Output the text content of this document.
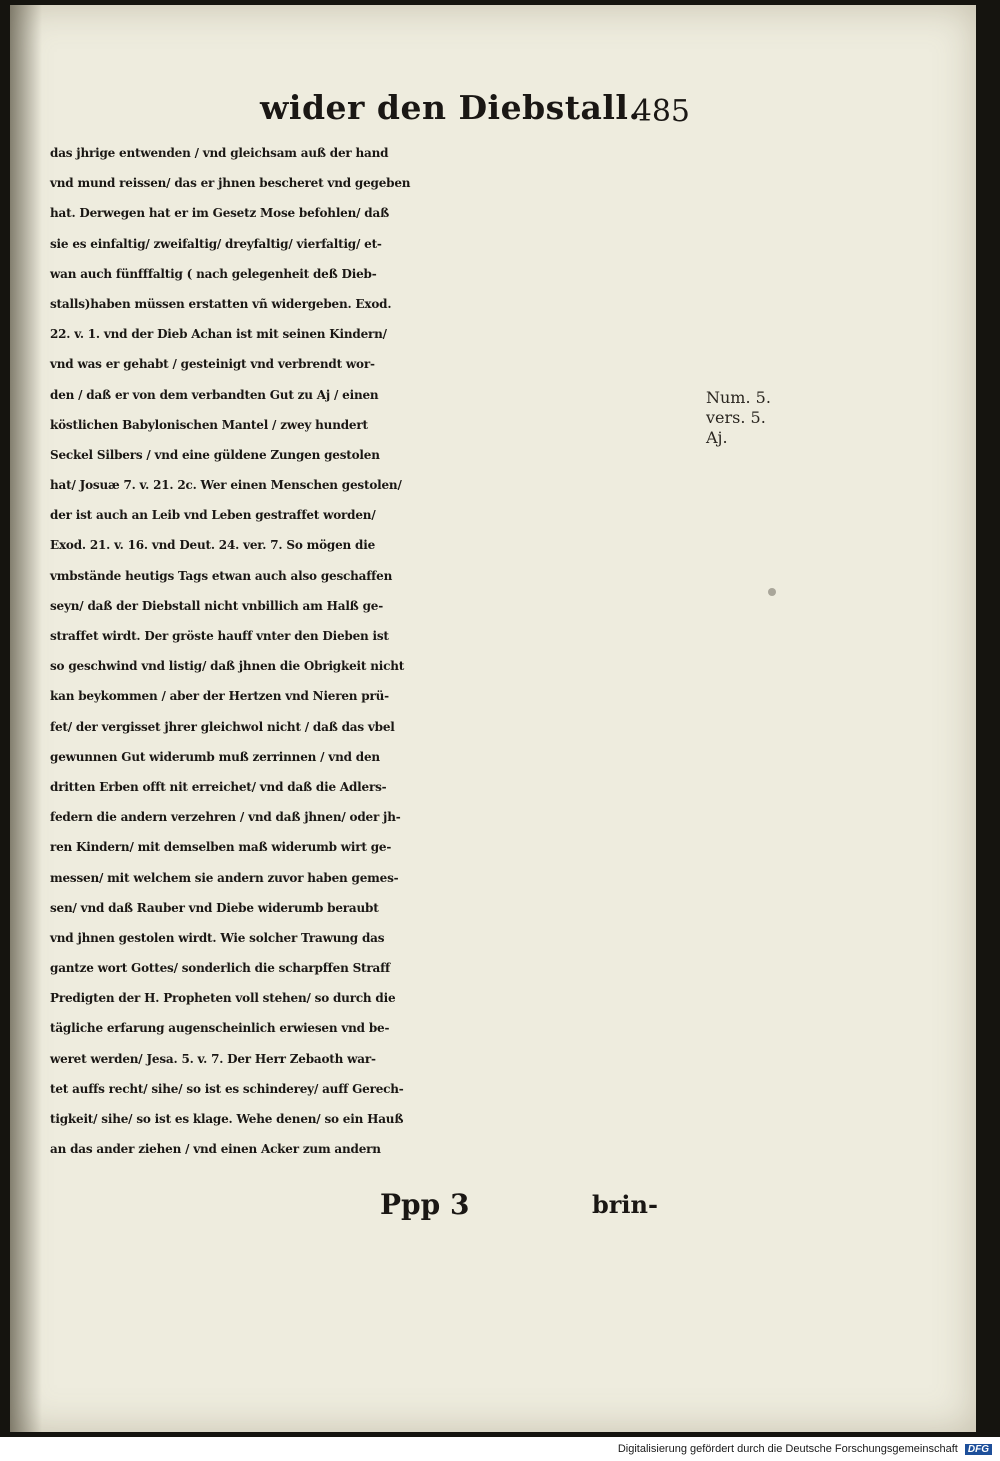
wider den Diebstall.
485
das jhrige entwenden / vnd gleichsam auß der hand
vnd mund reissen/ das er jhnen bescheret vnd gegeben
hat. Derwegen hat er im Gesetz Mose befohlen/ daß
sie es einfaltig/ zweifaltig/ dreyfaltig/ vierfaltig/ et-
wan auch fünfffaltig ( nach gelegenheit deß Dieb-
stalls)haben müssen erstatten vñ widergeben. Exod.
22. v. 1. vnd der Dieb Achan ist mit seinen Kindern/
vnd was er gehabt / gesteinigt vnd verbrendt wor-
den / daß er von dem verbandten Gut zu Aj / einen
köstlichen Babylonischen Mantel / zwey hundert
Seckel Silbers / vnd eine güldene Zungen gestolen
hat/ Josuæ 7. v. 21. 2c. Wer einen Menschen gestolen/
der ist auch an Leib vnd Leben gestraffet worden/
Exod. 21. v. 16. vnd Deut. 24. ver. 7. So mögen die
vmbstände heutigs Tags etwan auch also geschaffen
seyn/ daß der Diebstall nicht vnbillich am Halß ge-
straffet wirdt. Der gröste hauff vnter den Dieben ist
so geschwind vnd listig/ daß jhnen die Obrigkeit nicht
kan beykommen / aber der Hertzen vnd Nieren prü-
fet/ der vergisset jhrer gleichwol nicht / daß das vbel
gewunnen Gut widerumb muß zerrinnen / vnd den
dritten Erben offt nit erreichet/ vnd daß die Adlers-
federn die andern verzehren / vnd daß jhnen/ oder jh-
ren Kindern/ mit demselben maß widerumb wirt ge-
messen/ mit welchem sie andern zuvor haben gemes-
sen/ vnd daß Rauber vnd Diebe widerumb beraubt
vnd jhnen gestolen wirdt. Wie solcher Trawung das
gantze wort Gottes/ sonderlich die scharpffen Straff
Predigten der H. Propheten voll stehen/ so durch die
tägliche erfarung augenscheinlich erwiesen vnd be-
weret werden/ Jesa. 5. v. 7. Der Herr Zebaoth war-
tet auffs recht/ sihe/ so ist es schinderey/ auff Gerech-
tigkeit/ sihe/ so ist es klage. Wehe denen/ so ein Hauß
an das ander ziehen / vnd einen Acker zum andern
Num. 5.
vers. 5.
Aj.
Ppp 3	brin-
Digitalisierung gefördert durch die Deutsche Forschungsgemeinschaft DFG
